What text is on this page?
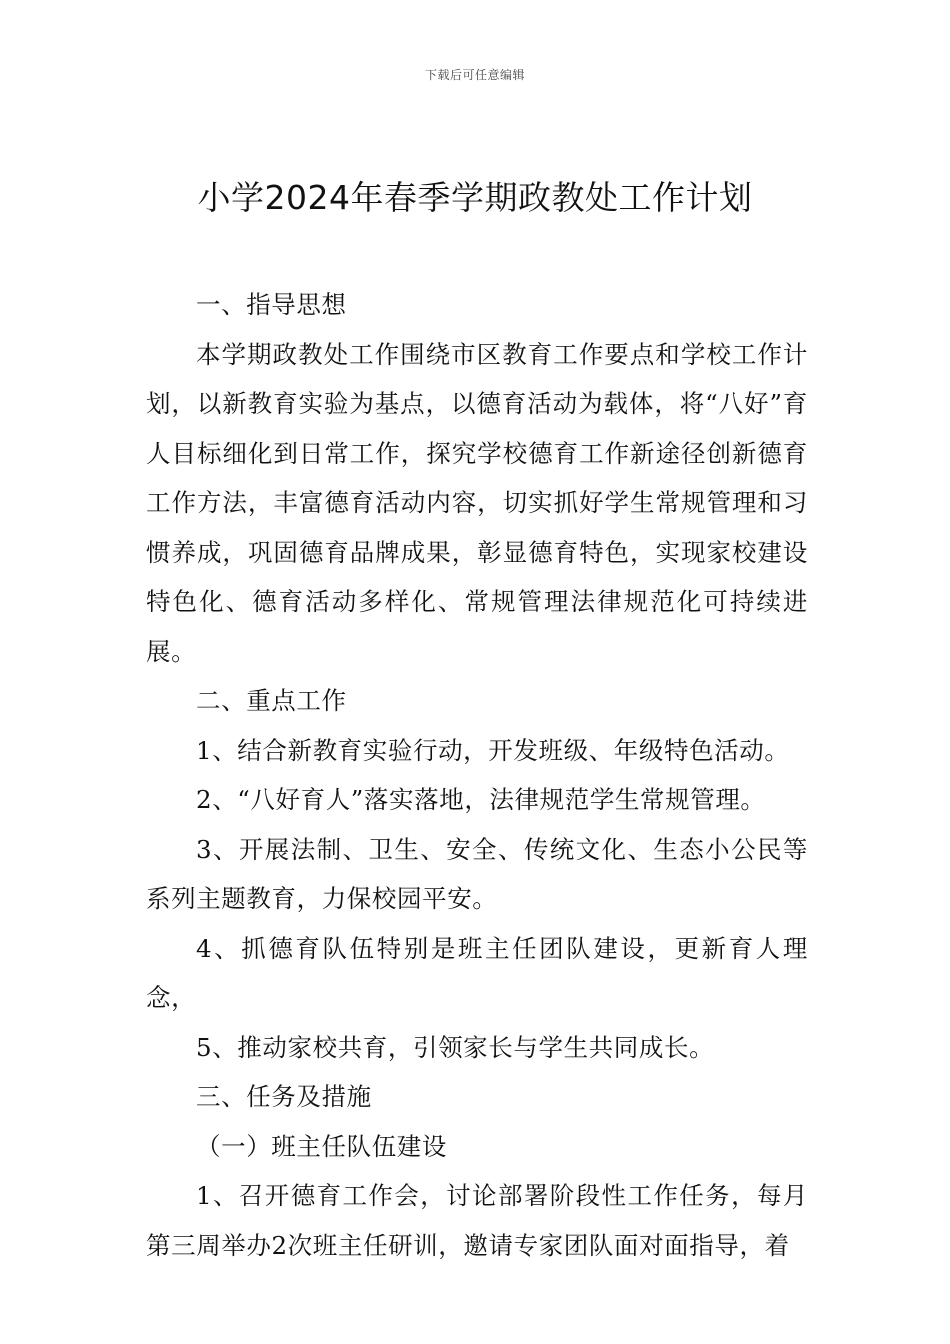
下载后可任意编辑
小学2024年春季学期政教处工作计划

一、指导思想

本学期政教处工作围绕市区教育工作要点和学校工作计划，以新教育实验为基点，以德育活动为载体，将“八好”育人目标细化到日常工作，探究学校德育工作新途径创新德育工作方法，丰富德育活动内容，切实抓好学生常规管理和习惯养成，巩固德育品牌成果，彰显德育特色，实现家校建设特色化、德育活动多样化、常规管理法律规范化可持续进展。

二、重点工作

1、结合新教育实验行动，开发班级、年级特色活动。

2、“八好育人”落实落地，法律规范学生常规管理。

3、开展法制、卫生、安全、传统文化、生态小公民等系列主题教育，力保校园平安。

4、抓德育队伍特别是班主任团队建设，更新育人理念，

5、推动家校共育，引领家长与学生共同成长。

三、任务及措施

（一）班主任队伍建设

1、召开德育工作会，讨论部署阶段性工作任务，每月第三周举办2次班主任研训，邀请专家团队面对面指导，着
